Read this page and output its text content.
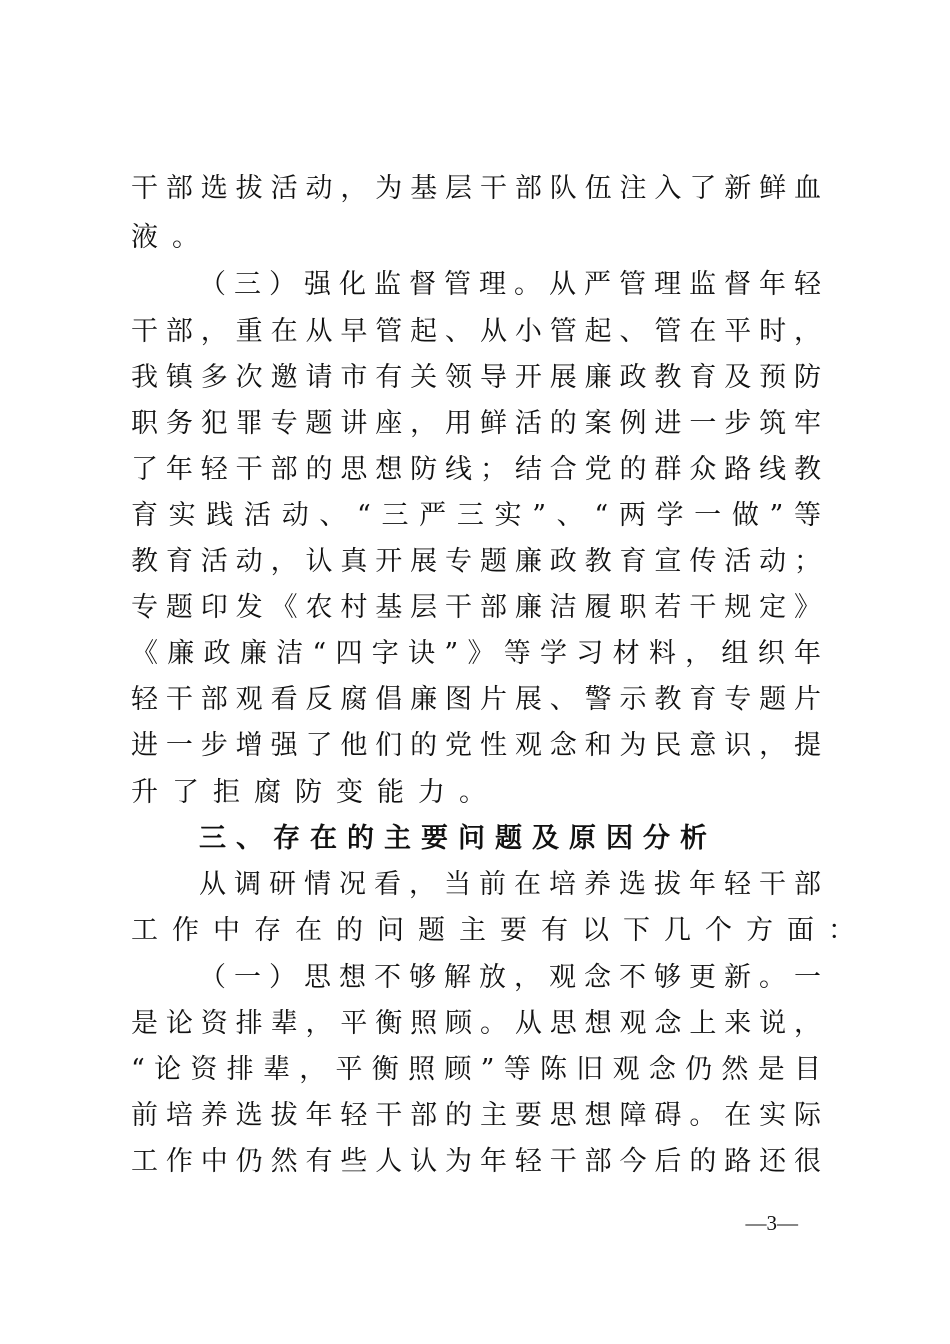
干部选拔活动，为基层干部队伍注入了新鲜血
液。
（三）强化监督管理。从严管理监督年轻
干部，重在从早管起、从小管起、管在平时，
我镇多次邀请市有关领导开展廉政教育及预防
职务犯罪专题讲座，用鲜活的案例进一步筑牢
了年轻干部的思想防线；结合党的群众路线教
育实践活动、“三严三实”、“两学一做”等
教育活动，认真开展专题廉政教育宣传活动；
专题印发《农村基层干部廉洁履职若干规定》
《廉政廉洁“四字诀”》等学习材料，组织年
轻干部观看反腐倡廉图片展、警示教育专题片
进一步增强了他们的党性观念和为民意识，提
升了拒腐防变能力。
三、存在的主要问题及原因分析
从调研情况看，当前在培养选拔年轻干部
工作中存在的问题主要有以下几个方面：
（一）思想不够解放，观念不够更新。一
是论资排辈，平衡照顾。从思想观念上来说，
“论资排辈，平衡照顾”等陈旧观念仍然是目
前培养选拔年轻干部的主要思想障碍。在实际
工作中仍然有些人认为年轻干部今后的路还很
—3—
